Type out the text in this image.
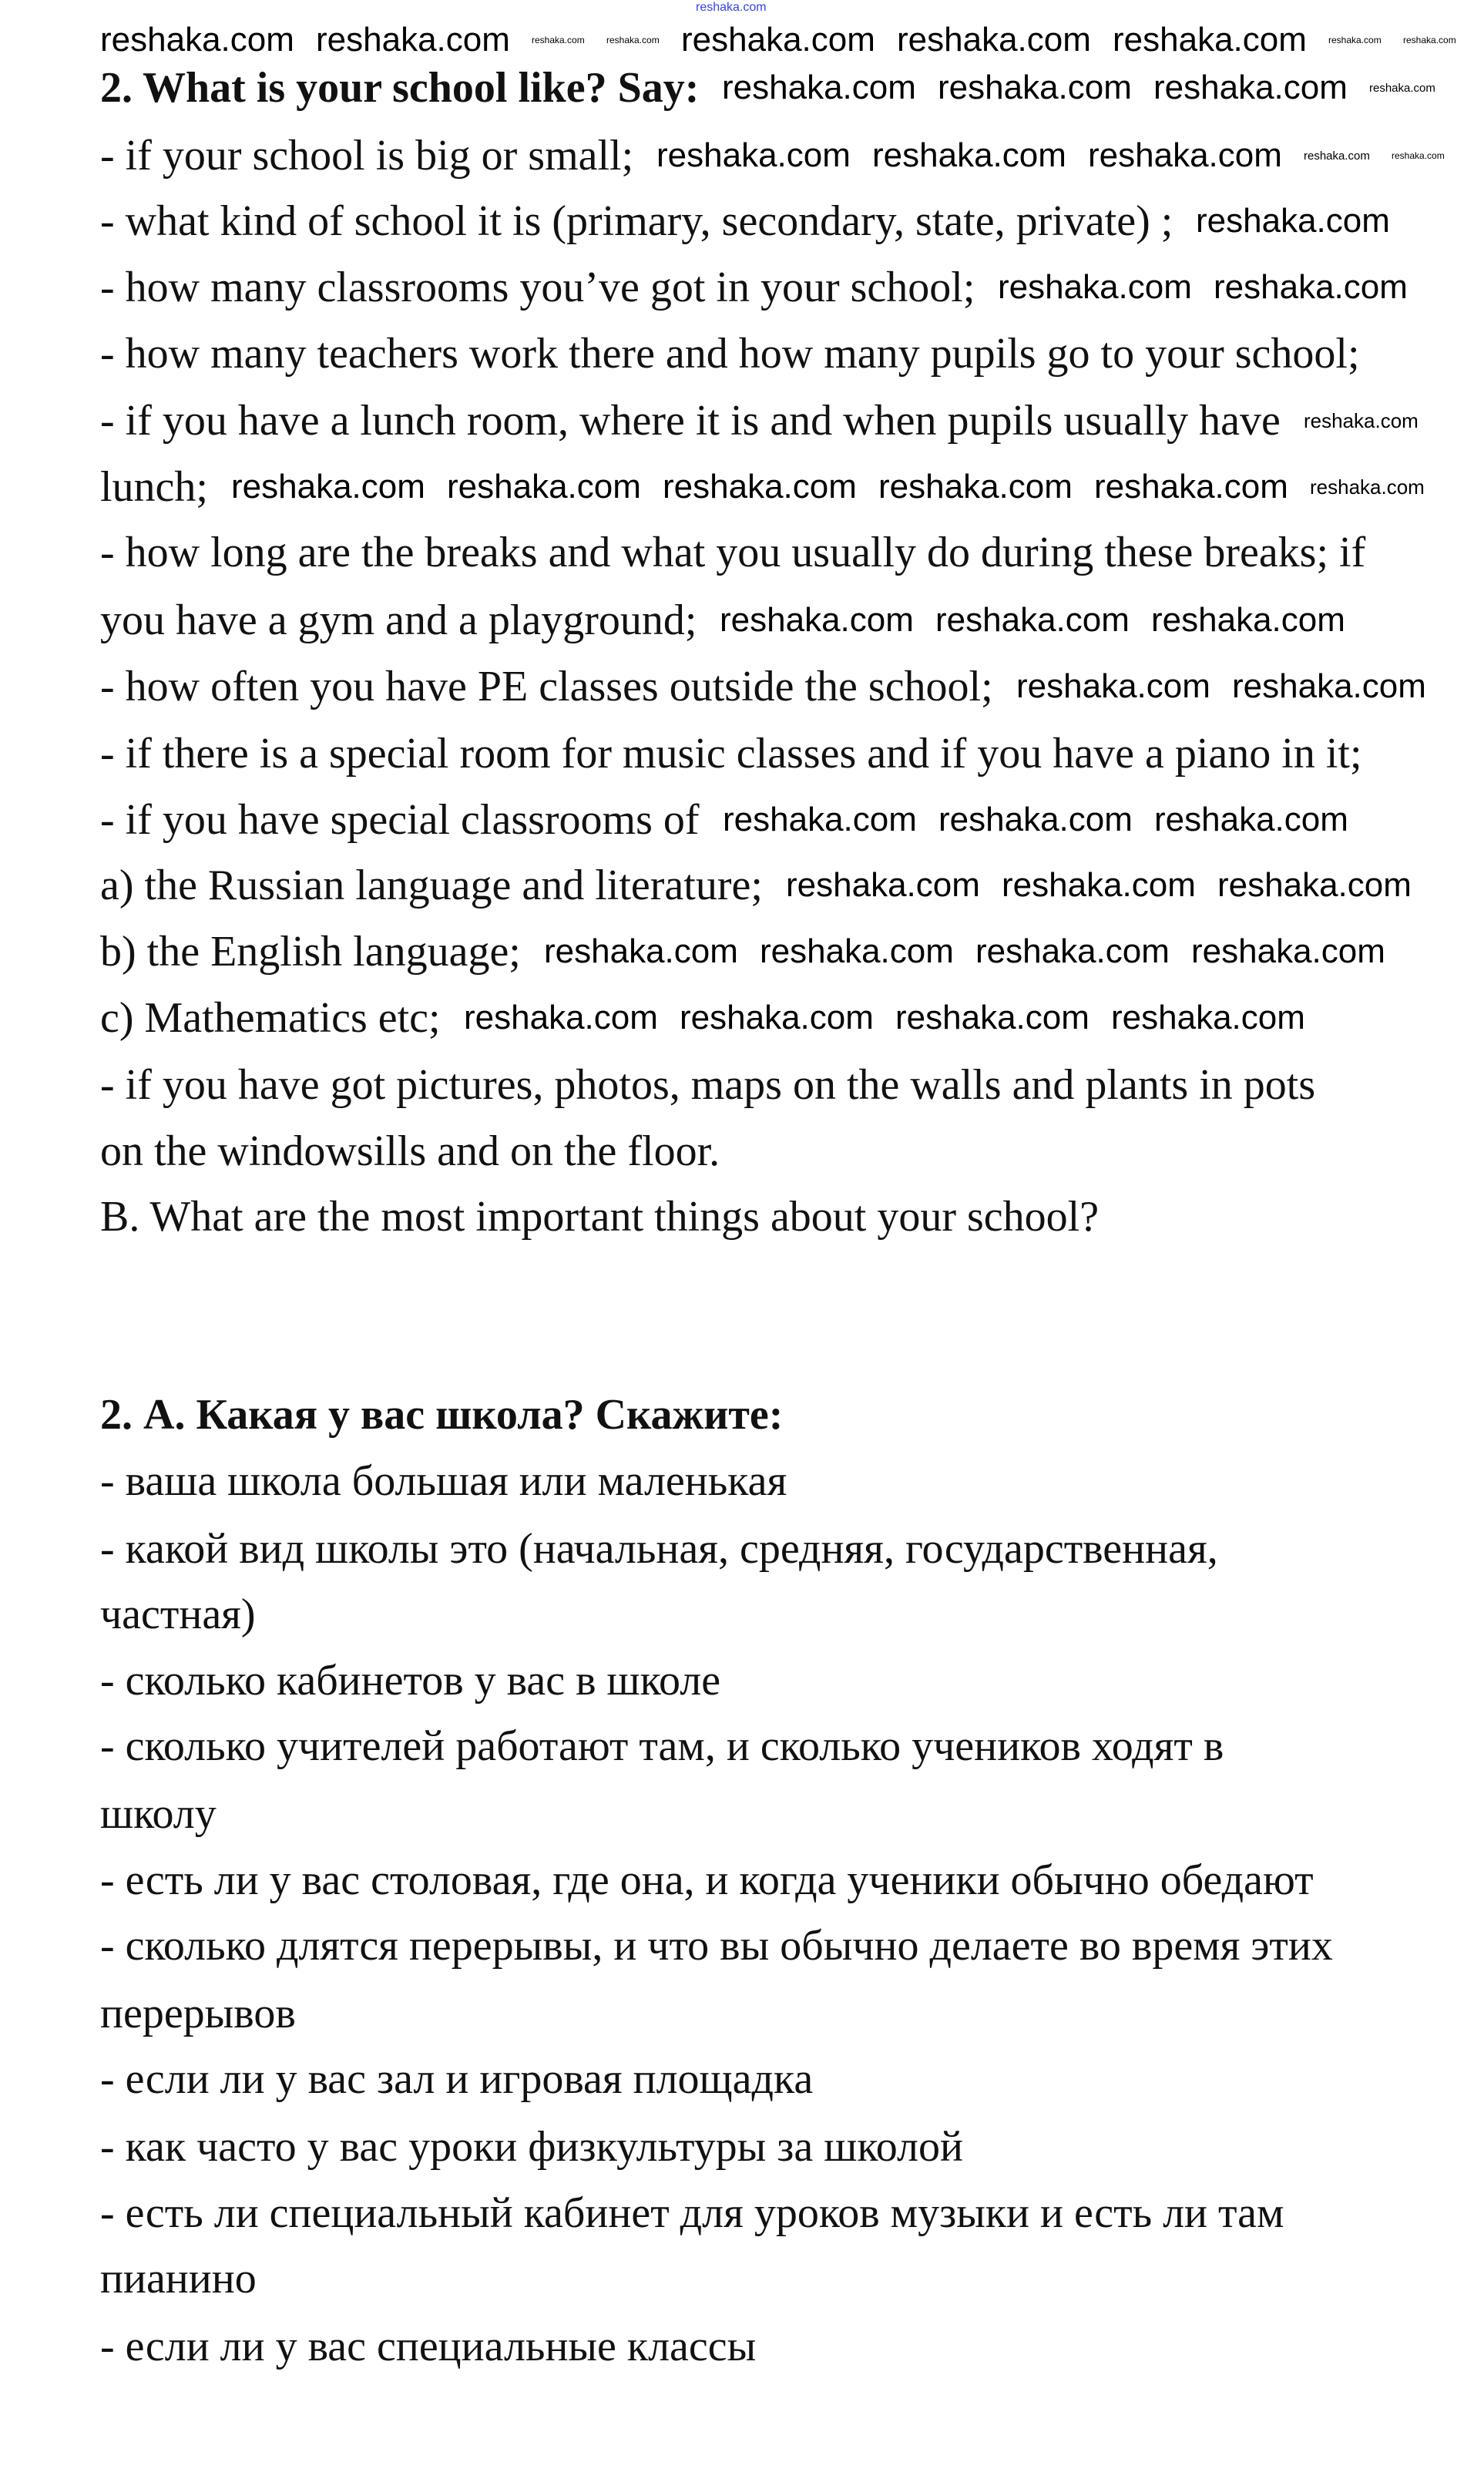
reshaka.com
2. What is your school like? Say:
- if your school is big or small;
- what kind of school it is (primary, secondary, state, private) ;
- how many classrooms you’ve got in your school;
- how many teachers work there and how many pupils go to your school;
- if you have a lunch room, where it is and when pupils usually have
lunch;
- how long are the breaks and what you usually do during these breaks; if
you have a gym and a playground;
- how often you have PE classes outside the school;
- if there is a special room for music classes and if you have a piano in it;
- if you have special classrooms of
a) the Russian language and literature;
b) the English language;
c) Mathematics etc;
- if you have got pictures, photos, maps on the walls and plants in pots
on the windowsills and on the floor.
B. What are the most important things about your school?
2. А. Какая у вас школа? Скажите:
- ваша школа большая или маленькая
- какой вид школы это (начальная, средняя, государственная,
частная)
- сколько кабинетов у вас в школе
- сколько учителей работают там, и сколько учеников ходят в
школу
- есть ли у вас столовая, где она, и когда ученики обычно обедают
- сколько длятся перерывы, и что вы обычно делаете во время этих
перерывов
- если ли у вас зал и игровая площадка
- как часто у вас уроки физкультуры за школой
- есть ли специальный кабинет для уроков музыки и есть ли там
пианино
- если ли у вас специальные классы
reshaka.com reshaka.com reshaka.com reshaka.com reshaka.com reshaka.com reshaka.com reshaka.com
reshaka.com reshaka.com reshaka.com
reshaka.com reshaka.com
reshaka.com
reshaka.com
reshaka.com
reshaka.com
reshaka.com reshaka.com
reshaka.com reshaka.com reshaka.com reshaka.com
reshaka.com
reshaka.com
reshaka.com
reshaka.com
reshaka.com reshaka.com reshaka.com
reshaka.com reshaka.com
reshaka.com reshaka.com reshaka.com
reshaka.com reshaka.com
reshaka.com
reshaka.com
reshaka.com reshaka.com reshaka.com reshaka.com
reshaka.com reshaka.com reshaka.com reshaka.com
